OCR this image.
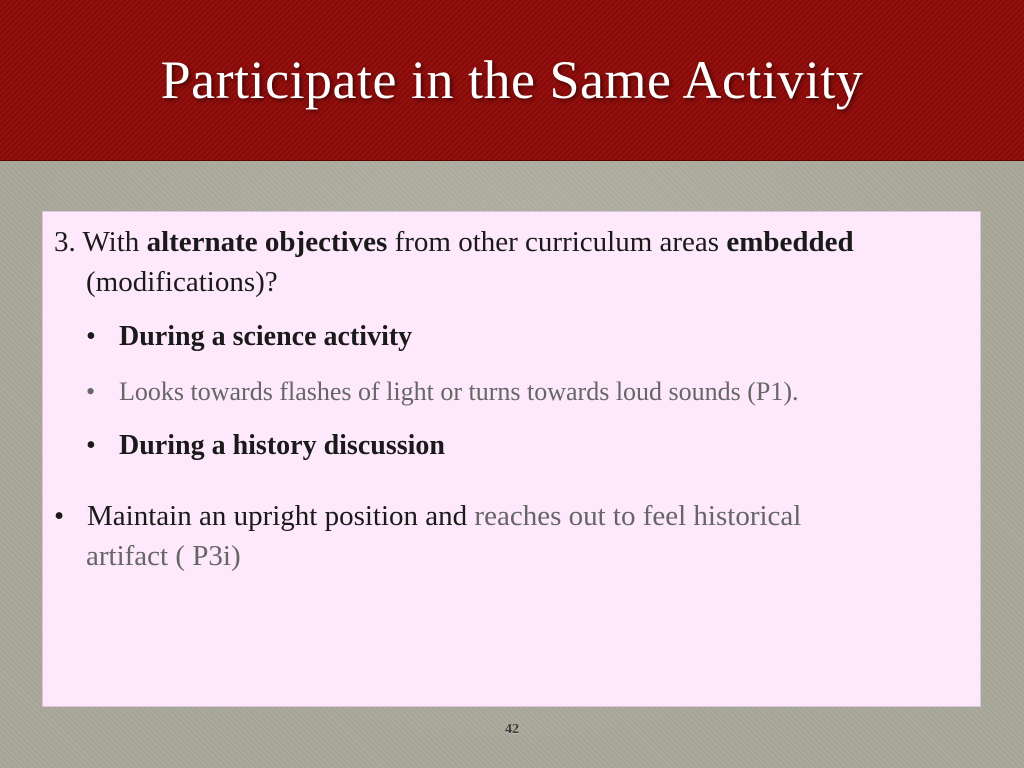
Participate in the Same Activity
3. With alternate objectives from other curriculum areas embedded
(modifications)?
• During a science activity
• Looks towards flashes of light or turns towards loud sounds (P1).
• During a history discussion
• Maintain an upright position and reaches out to feel historical
artifact ( P3i)
42
